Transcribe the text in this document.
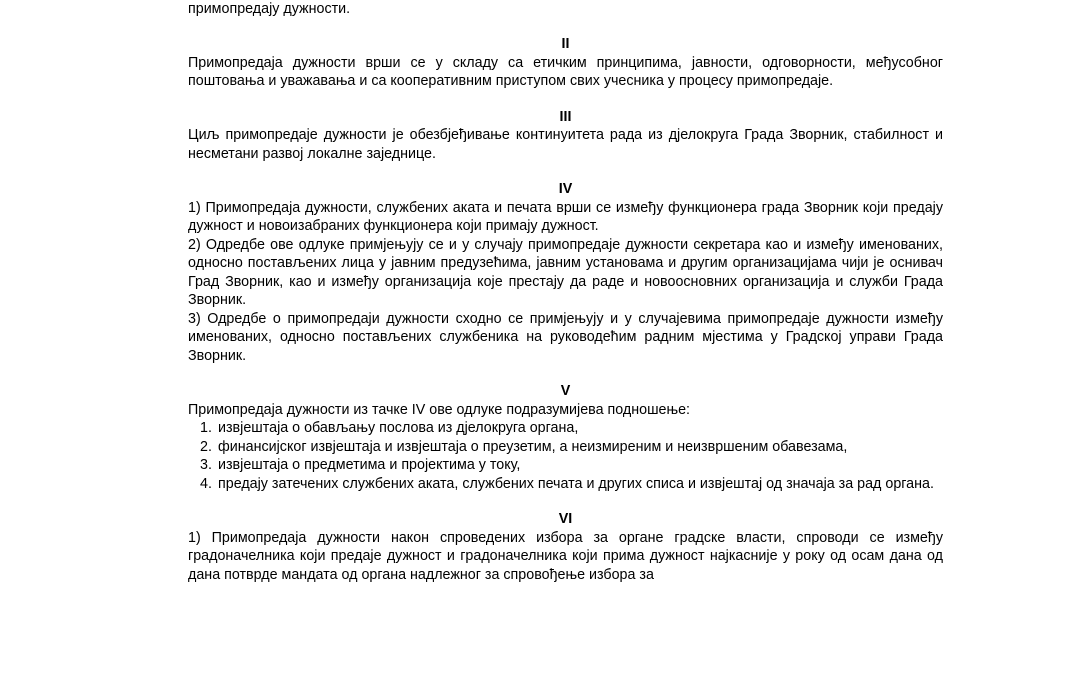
примопредају дужности.

II

Примопредаја дужности врши се у складу са етичким принципима, јавности, одговорности, међусобног поштовања и уважавања и са кооперативним приступом свих учесника у процесу примопредаје.

III

Циљ примопредаје дужности је обезбјеђивање континуитета рада из дјелокруга Града Зворник, стабилност и несметани развој локалне заједнице.

IV

1) Примопредаја дужности, службених аката и печата врши се између функционера града Зворник који предају дужност и новоизабраних функционера који примају дужност.

2) Одредбе ове одлуке примјењују се и у случају примопредаје дужности секретара као и између именованих, односно постављених лица у јавним предузећима, јавним установама и другим организацијама чији је оснивач Град Зворник, као и између организација које престају да раде и новоосновних организација и служби Града Зворник.

3) Одредбе о примопредаји дужности сходно се примјењују и у случајевима примопредаје дужности између именованих, односно постављених службеника на руководећим радним мјестима у Градској управи Града Зворник.

V

Примопредаја дужности из тачке IV ове одлуке подразумијева подношење:

1. извјештаја о обављању послова из дјелокруга органа,
2. финансијског извјештаја и извјештаја о преузетим, а неизмиреним и неизвршеним обавезама,
3. извјештаја о предметима и пројектима у току,
4. предају затечених службених аката, службених печата и других списа и извјештај од значаја за рад органа.

VI

1) Примопредаја дужности након спроведених избора за органе градске власти, спроводи се између градоначелника који предаје дужност и градоначелника који прима дужност најкасније у року од осам дана од дана потврде мандата од органа надлежног за спровођење избора за
